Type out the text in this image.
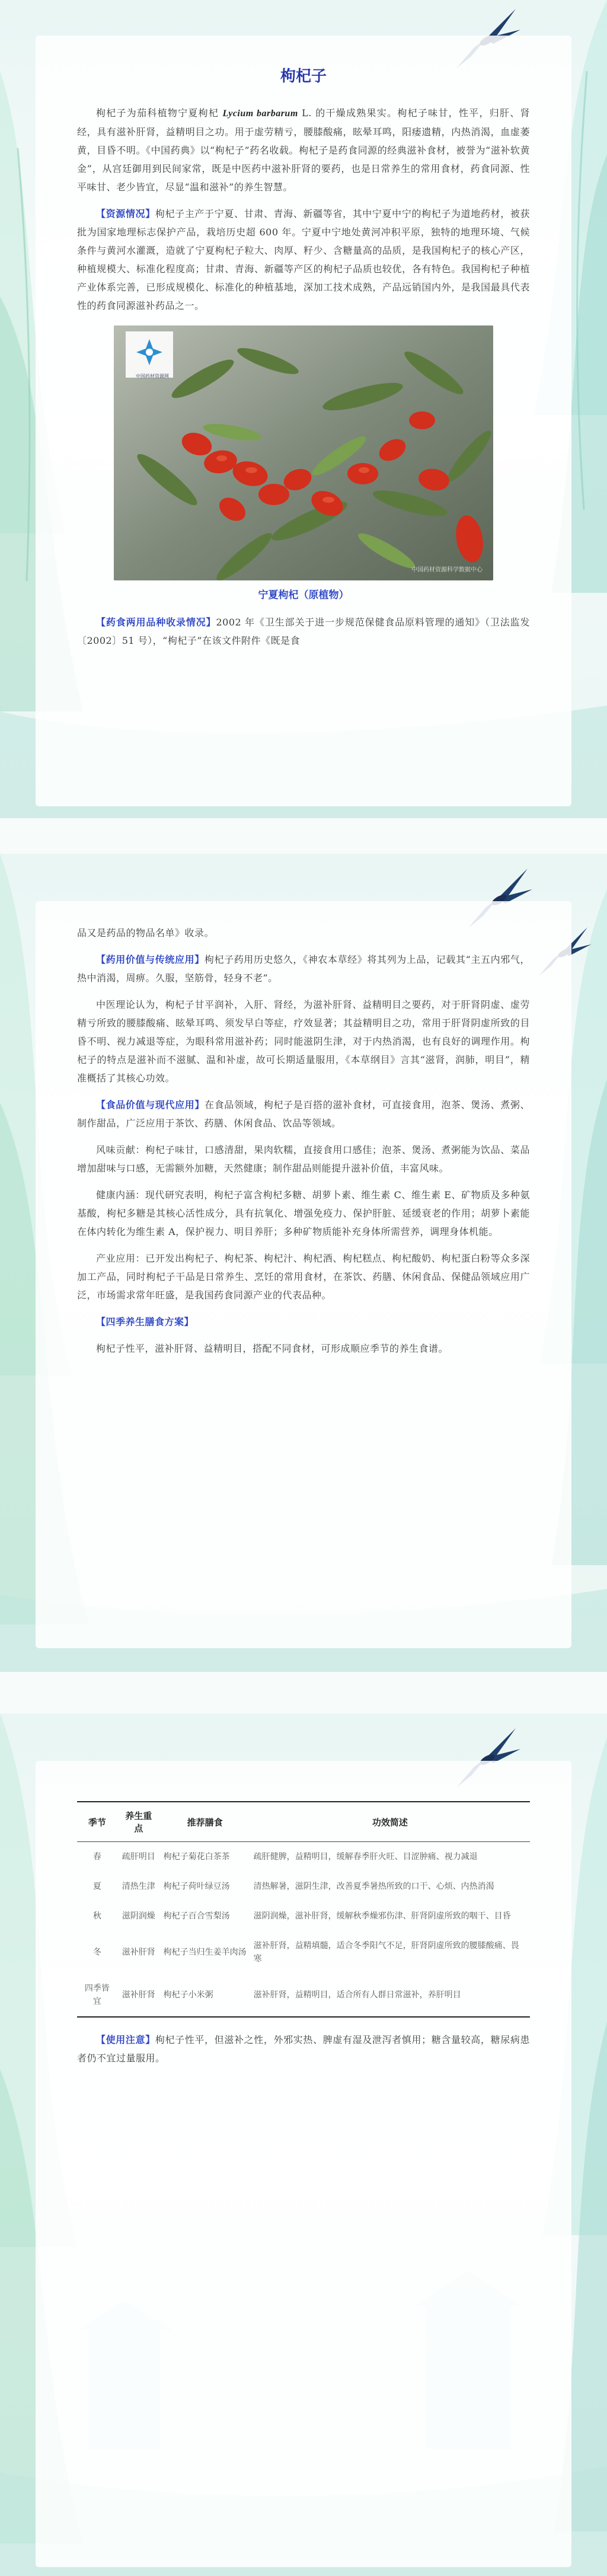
枸杞子

枸杞子为茄科植物宁夏枸杞 Lycium barbarum L. 的干燥成熟果实。枸杞子味甘，性平，归肝、肾经，具有滋补肝肾，益精明目之功。用于虚劳精亏，腰膝酸痛，眩晕耳鸣，阳痿遗精，内热消渴，血虚萎黄，目昏不明。《中国药典》以“枸杞子”药名收载。枸杞子是药食同源的经典滋补食材，被誉为“滋补软黄金”，从宫廷御用到民间家常，既是中医药中滋补肝肾的要药，也是日常养生的常用食材，药食同源、性平味甘、老少皆宜，尽显“温和滋补”的养生智慧。

【资源情况】枸杞子主产于宁夏、甘肃、青海、新疆等省，其中宁夏中宁的枸杞子为道地药材，被获批为国家地理标志保护产品，栽培历史超 600 年。宁夏中宁地处黄河冲积平原，独特的地理环境、气候条件与黄河水灌溉，造就了宁夏枸杞子粒大、肉厚、籽少、含糖量高的品质，是我国枸杞子的核心产区，种植规模大、标准化程度高；甘肃、青海、新疆等产区的枸杞子品质也较优，各有特色。我国枸杞子种植产业体系完善，已形成规模化、标准化的种植基地，深加工技术成熟，产品远销国内外，是我国最具代表性的药食同源滋补药品之一。

中国药材资源网
中国药材资源科学数据中心
宁夏枸杞（原植物）

【药食两用品种收录情况】2002 年《卫生部关于进一步规范保健食品原料管理的通知》（卫法监发〔2002〕51 号），“枸杞子”在该文件附件《既是食

品又是药品的物品名单》收录。

【药用价值与传统应用】枸杞子药用历史悠久，《神农本草经》将其列为上品，记载其“主五内邪气，热中消渴，周痹。久服，坚筋骨，轻身不老”。

中医理论认为，枸杞子甘平润补，入肝、肾经，为滋补肝肾、益精明目之要药，对于肝肾阴虚、虚劳精亏所致的腰膝酸痛、眩晕耳鸣、须发早白等症，疗效显著；其益精明目之功，常用于肝肾阴虚所致的目昏不明、视力减退等症，为眼科常用滋补药；同时能滋阴生津，对于内热消渴，也有良好的调理作用。枸杞子的特点是滋补而不滋腻、温和补虚，故可长期适量服用，《本草纲目》言其“滋肾，润肺，明目”，精准概括了其核心功效。

【食品价值与现代应用】在食品领域，枸杞子是百搭的滋补食材，可直接食用，泡茶、煲汤、煮粥、制作甜品，广泛应用于茶饮、药膳、休闲食品、饮品等领域。

风味贡献：枸杞子味甘，口感清甜，果肉软糯，直接食用口感佳；泡茶、煲汤、煮粥能为饮品、菜品增加甜味与口感，无需额外加糖，天然健康；制作甜品则能提升滋补价值，丰富风味。

健康内涵：现代研究表明，枸杞子富含枸杞多糖、胡萝卜素、维生素 C、维生素 E、矿物质及多种氨基酸，枸杞多糖是其核心活性成分，具有抗氧化、增强免疫力、保护肝脏、延缓衰老的作用；胡萝卜素能在体内转化为维生素 A，保护视力、明目养肝；多种矿物质能补充身体所需营养，调理身体机能。

产业应用：已开发出枸杞子、枸杞茶、枸杞汁、枸杞酒、枸杞糕点、枸杞酸奶、枸杞蛋白粉等众多深加工产品，同时枸杞子干品是日常养生、烹饪的常用食材，在茶饮、药膳、休闲食品、保健品领域应用广泛，市场需求常年旺盛，是我国药食同源产业的代表品种。

【四季养生膳食方案】

枸杞子性平，滋补肝肾、益精明目，搭配不同食材，可形成顺应季节的养生食谱。

季节	养生重点	推荐膳食	功效简述
春	疏肝明目	枸杞子菊花白茶茶	疏肝健脾，益精明目，缓解春季肝火旺、目涩肿痛、视力减退
夏	清热生津	枸杞子荷叶绿豆汤	清热解暑，滋阴生津，改善夏季暑热所致的口干、心烦、内热消渴
秋	滋阴润燥	枸杞子百合雪梨汤	滋阴润燥，滋补肝肾，缓解秋季燥邪伤津、肝肾阴虚所致的咽干、目昏
冬	滋补肝肾	枸杞子当归生姜羊肉汤	滋补肝肾，益精填髓，适合冬季阳气不足，肝肾阴虚所致的腰膝酸痛、畏寒
四季皆宜	滋补肝肾	枸杞子小米粥	滋补肝肾，益精明目，适合所有人群日常滋补，养肝明目

【使用注意】枸杞子性平，但滋补之性，外邪实热、脾虚有湿及泄泻者慎用；糖含量较高，糖尿病患者仍不宜过量服用。
